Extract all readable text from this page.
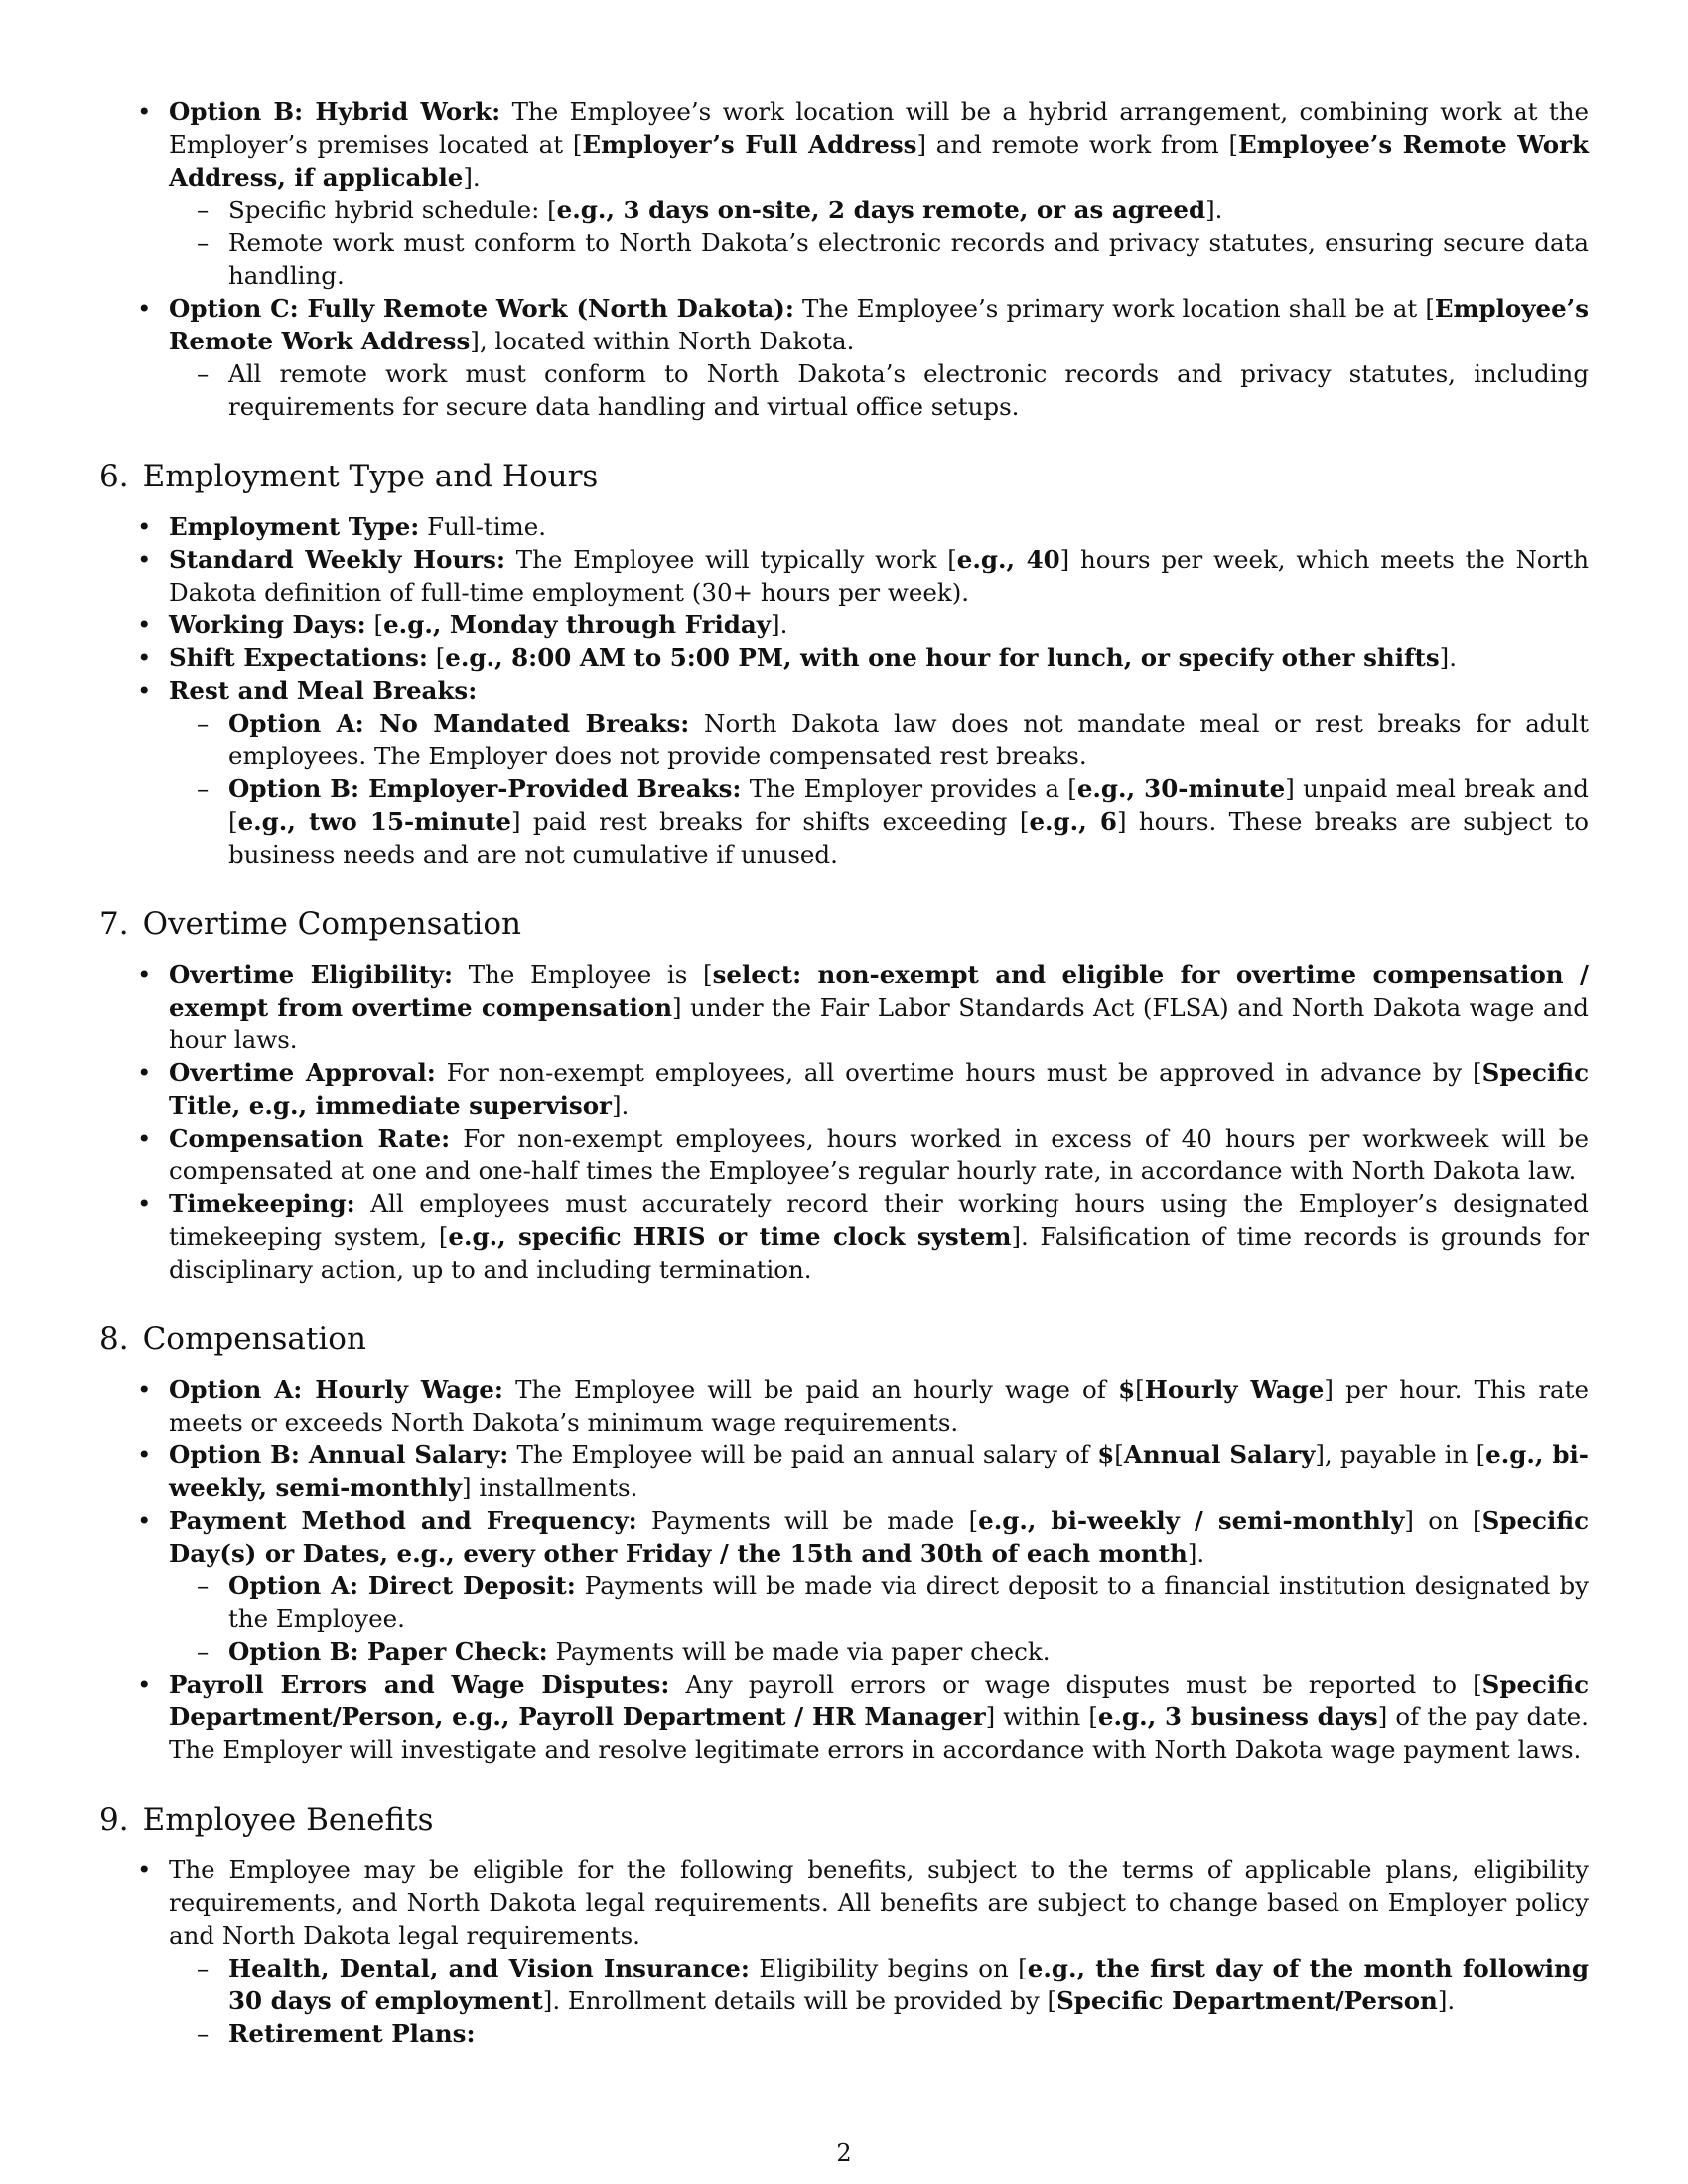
• Option B: Hybrid Work: The Employee’s work location will be a hybrid arrangement, combining work at the Employer’s premises located at [Employer’s Full Address] and remote work from [Employee’s Remote Work Address, if applicable].
– Specific hybrid schedule: [e.g., 3 days on-site, 2 days remote, or as agreed].
– Remote work must conform to North Dakota’s electronic records and privacy statutes, ensuring secure data handling.
• Option C: Fully Remote Work (North Dakota): The Employee’s primary work location shall be at [Employee’s Remote Work Address], located within North Dakota.
– All remote work must conform to North Dakota’s electronic records and privacy statutes, including requirements for secure data handling and virtual office setups.
6. Employment Type and Hours
• Employment Type: Full-time.
• Standard Weekly Hours: The Employee will typically work [e.g., 40] hours per week, which meets the North Dakota definition of full-time employment (30+ hours per week).
• Working Days: [e.g., Monday through Friday].
• Shift Expectations: [e.g., 8:00 AM to 5:00 PM, with one hour for lunch, or specify other shifts].
• Rest and Meal Breaks:
– Option A: No Mandated Breaks: North Dakota law does not mandate meal or rest breaks for adult employees. The Employer does not provide compensated rest breaks.
– Option B: Employer-Provided Breaks: The Employer provides a [e.g., 30-minute] unpaid meal break and [e.g., two 15-minute] paid rest breaks for shifts exceeding [e.g., 6] hours. These breaks are subject to business needs and are not cumulative if unused.
7. Overtime Compensation
• Overtime Eligibility: The Employee is [select: non-exempt and eligible for overtime compensation / exempt from overtime compensation] under the Fair Labor Standards Act (FLSA) and North Dakota wage and hour laws.
• Overtime Approval: For non-exempt employees, all overtime hours must be approved in advance by [Specific Title, e.g., immediate supervisor].
• Compensation Rate: For non-exempt employees, hours worked in excess of 40 hours per workweek will be compensated at one and one-half times the Employee’s regular hourly rate, in accordance with North Dakota law.
• Timekeeping: All employees must accurately record their working hours using the Employer’s designated timekeeping system, [e.g., specific HRIS or time clock system]. Falsification of time records is grounds for disciplinary action, up to and including termination.
8. Compensation
• Option A: Hourly Wage: The Employee will be paid an hourly wage of $[Hourly Wage] per hour. This rate meets or exceeds North Dakota’s minimum wage requirements.
• Option B: Annual Salary: The Employee will be paid an annual salary of $[Annual Salary], payable in [e.g., bi-weekly, semi-monthly] installments.
• Payment Method and Frequency: Payments will be made [e.g., bi-weekly / semi-monthly] on [Specific Day(s) or Dates, e.g., every other Friday / the 15th and 30th of each month].
– Option A: Direct Deposit: Payments will be made via direct deposit to a financial institution designated by the Employee.
– Option B: Paper Check: Payments will be made via paper check.
• Payroll Errors and Wage Disputes: Any payroll errors or wage disputes must be reported to [Specific Department/Person, e.g., Payroll Department / HR Manager] within [e.g., 3 business days] of the pay date. The Employer will investigate and resolve legitimate errors in accordance with North Dakota wage payment laws.
9. Employee Benefits
• The Employee may be eligible for the following benefits, subject to the terms of applicable plans, eligibility requirements, and North Dakota legal requirements. All benefits are subject to change based on Employer policy and North Dakota legal requirements.
– Health, Dental, and Vision Insurance: Eligibility begins on [e.g., the first day of the month following 30 days of employment]. Enrollment details will be provided by [Specific Department/Person].
– Retirement Plans:
2
